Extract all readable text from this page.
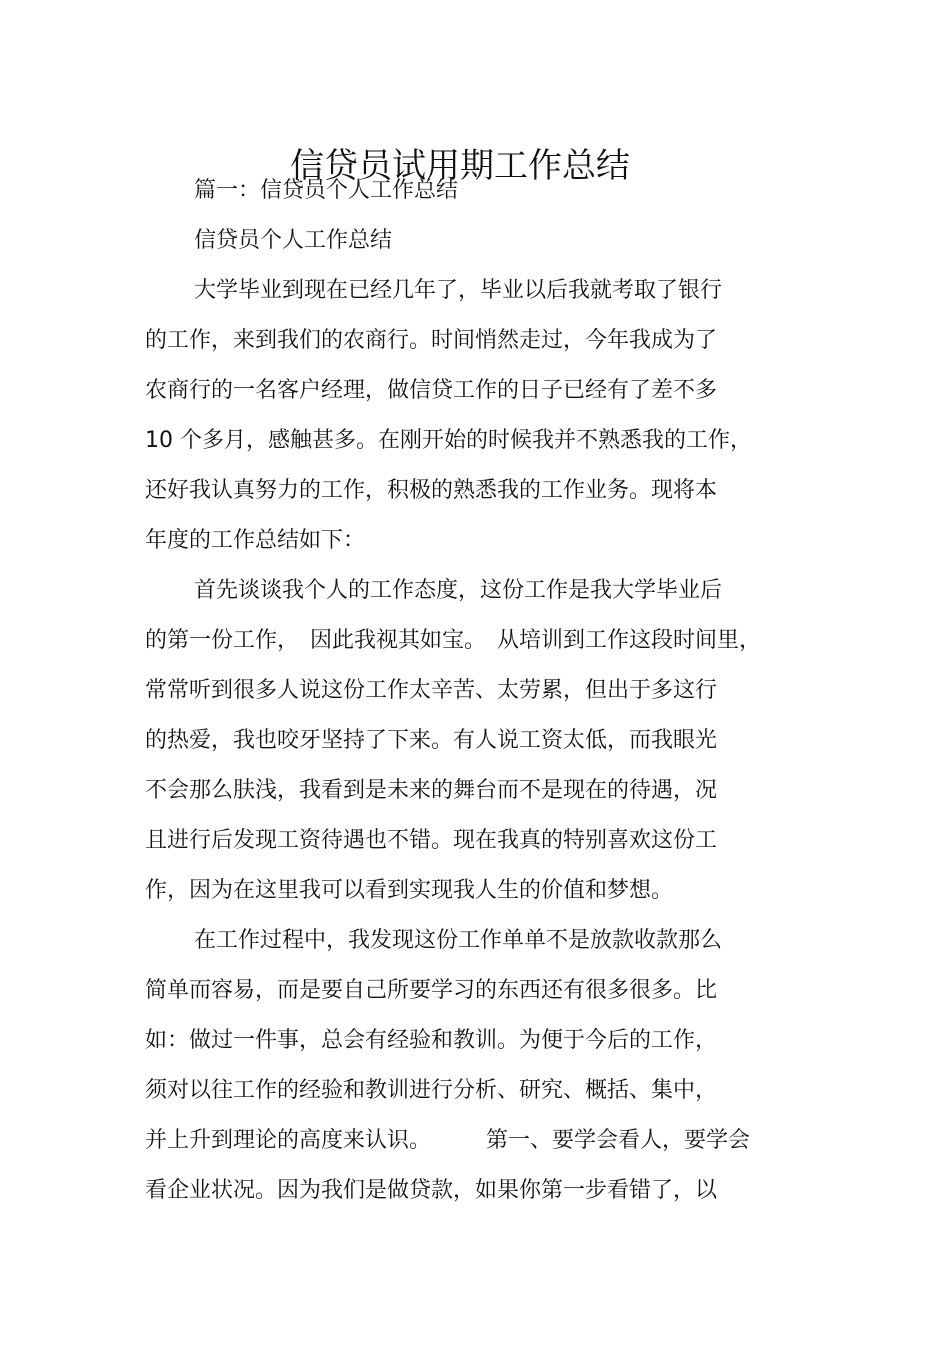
信贷员试用期工作总结
篇一：信贷员个人工作总结
信贷员个人工作总结
大学毕业到现在已经几年了，毕业以后我就考取了银行
的工作，来到我们的农商行。时间悄然走过，今年我成为了
农商行的一名客户经理，做信贷工作的日子已经有了差不多
10 个多月，感触甚多。在刚开始的时候我并不熟悉我的工作，
还好我认真努力的工作，积极的熟悉我的工作业务。现将本
年度的工作总结如下：
首先谈谈我个人的工作态度，这份工作是我大学毕业后
的第一份工作，　因此我视其如宝。　从培训到工作这段时间里，
常常听到很多人说这份工作太辛苦、太劳累，但出于多这行
的热爱，我也咬牙坚持了下来。有人说工资太低，而我眼光
不会那么肤浅，我看到是未来的舞台而不是现在的待遇，况
且进行后发现工资待遇也不错。现在我真的特别喜欢这份工
作，因为在这里我可以看到实现我人生的价值和梦想。
在工作过程中，我发现这份工作单单不是放款收款那么
简单而容易，而是要自己所要学习的东西还有很多很多。比
如：做过一件事，总会有经验和教训。为便于今后的工作，
须对以往工作的经验和教训进行分析、研究、概括、集中，
并上升到理论的高度来认识。　　　第一、要学会看人，要学会
看企业状况。因为我们是做贷款，如果你第一步看错了，以
